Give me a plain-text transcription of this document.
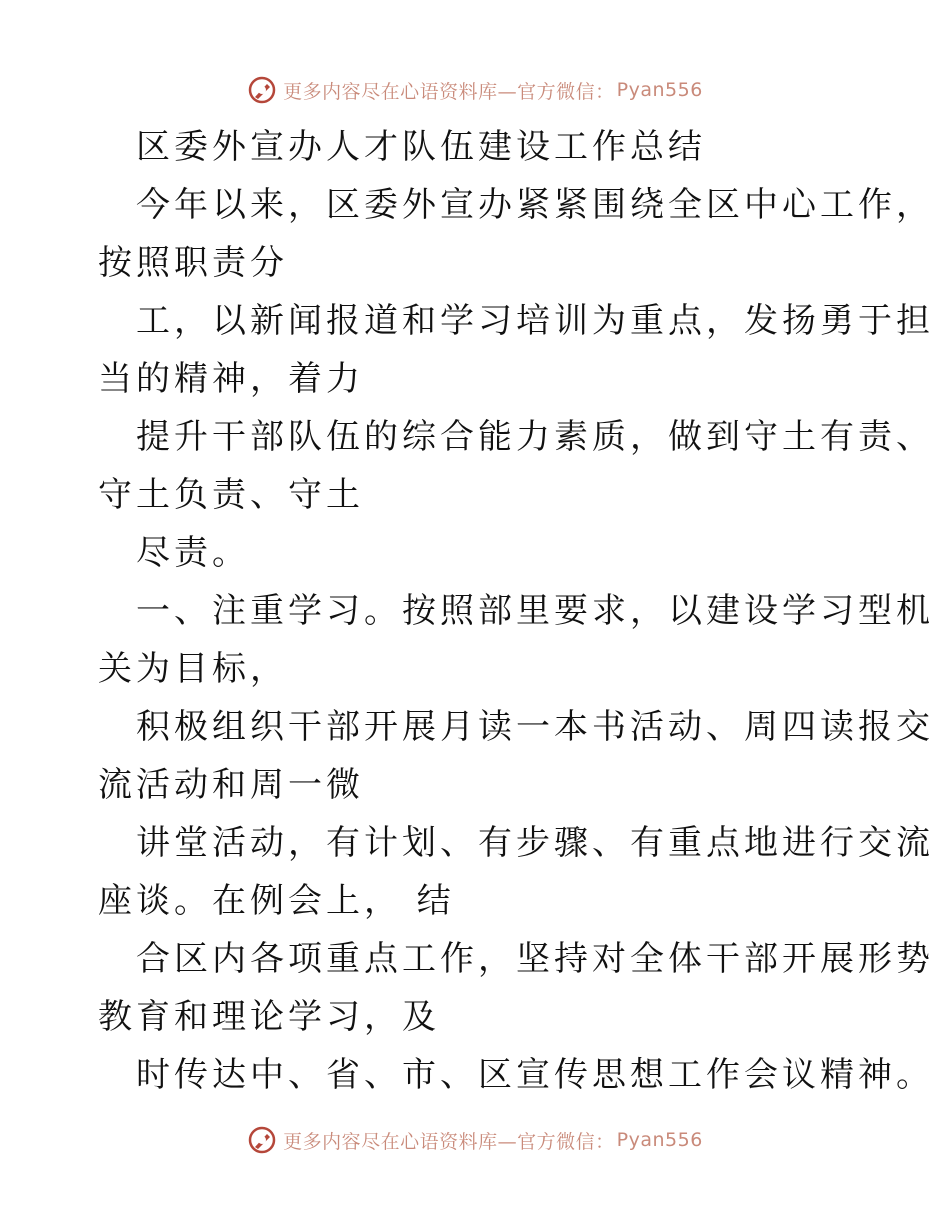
更多内容尽在心语资料库—官方微信： Pyan556
区委外宣办人才队伍建设工作总结
今年以来，区委外宣办紧紧围绕全区中心工作，
按照职责分
工，以新闻报道和学习培训为重点，发扬勇于担
当的精神，着力
提升干部队伍的综合能力素质，做到守土有责、
守土负责、守土
尽责。
一、注重学习。按照部里要求，以建设学习型机
关为目标，
积极组织干部开展月读一本书活动、周四读报交
流活动和周一微
讲堂活动，有计划、有步骤、有重点地进行交流
座谈。在例会上， 结
合区内各项重点工作，坚持对全体干部开展形势
教育和理论学习，及
时传达中、省、市、区宣传思想工作会议精神。
更多内容尽在心语资料库—官方微信： Pyan556
